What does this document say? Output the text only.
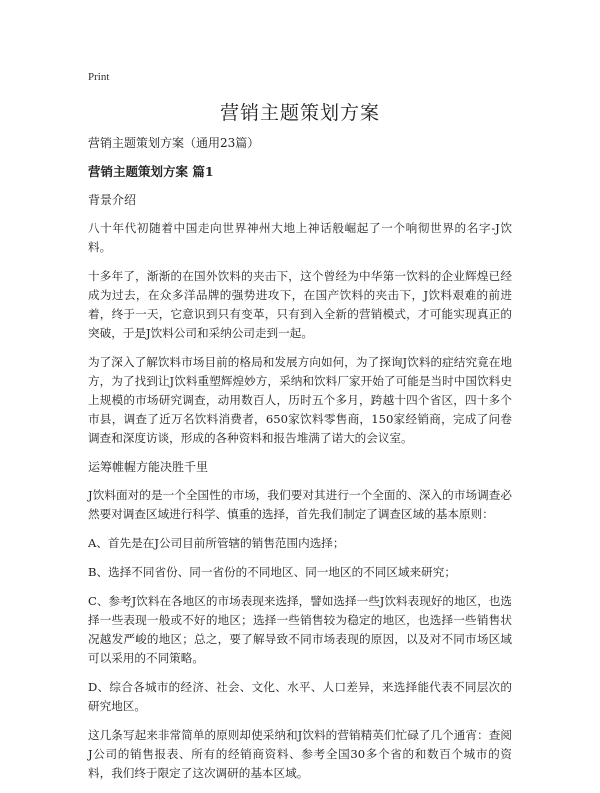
Print
营销主题策划方案

营销主题策划方案（通用23篇）

营销主题策划方案 篇1

背景介绍

八十年代初随着中国走向世界神州大地上神话般崛起了一个响彻世界的名字-J饮料。

十多年了，渐渐的在国外饮料的夹击下，这个曾经为中华第一饮料的企业辉煌已经成为过去，在众多洋品牌的强势进攻下，在国产饮料的夹击下，J饮料艰难的前进着，终于一天，它意识到只有变革，只有到入全新的营销模式，才可能实现真正的突破，于是J饮料公司和采纳公司走到一起。

为了深入了解饮料市场目前的格局和发展方向如何，为了探询J饮料的症结究竟在地方，为了找到让J饮料重塑辉煌妙方，采纳和饮料厂家开始了可能是当时中国饮料史上规模的市场研究调查，动用数百人，历时五个多月，跨越十四个省区，四十多个市县，调查了近万名饮料消费者，650家饮料零售商，150家经销商，完成了问卷调查和深度访谈，形成的各种资料和报告堆满了诺大的会议室。

运筹帷幄方能决胜千里

J饮料面对的是一个全国性的市场，我们要对其进行一个全面的、深入的市场调查必然要对调查区域进行科学、慎重的选择，首先我们制定了调查区域的基本原则：

A、首先是在J公司目前所管辖的销售范围内选择；

B、选择不同省份、同一省份的不同地区、同一地区的不同区域来研究；

C、参考J饮料在各地区的市场表现来选择，譬如选择一些J饮料表现好的地区，也选择一些表现一般或不好的地区；选择一些销售较为稳定的地区，也选择一些销售状况越发严峻的地区；总之，要了解导致不同市场表现的原因，以及对不同市场区域可以采用的不同策略。

D、综合各城市的经济、社会、文化、水平、人口差异，来选择能代表不同层次的研究地区。

这几条写起来非常简单的原则却使采纳和J饮料的营销精英们忙碌了几个通宵：查阅J公司的销售报表、所有的经销商资料、参考全国30多个省的和数百个城市的资料，我们终于限定了这次调研的基本区域。
